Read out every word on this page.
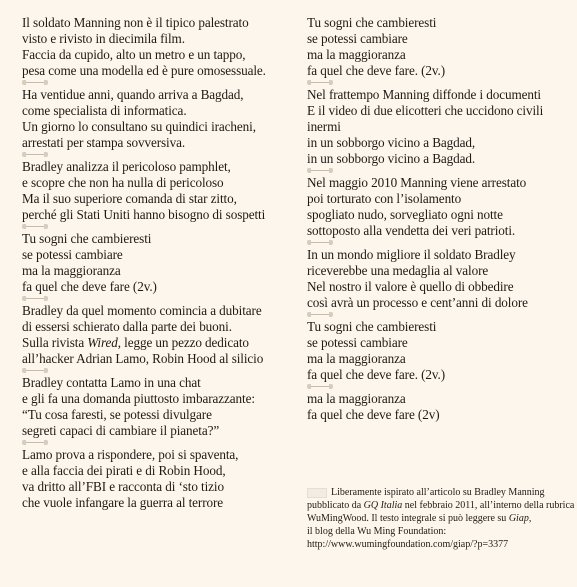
Il soldato Manning non è il tipico palestrato
visto e rivisto in diecimila film.
Faccia da cupido, alto un metro e un tappo,
pesa come una modella ed è pure omosessuale.
Ha ventidue anni, quando arriva a Bagdad,
come specialista di informatica.
Un giorno lo consultano su quindici iracheni,
arrestati per stampa sovversiva.
Bradley analizza il pericoloso pamphlet,
e scopre che non ha nulla di pericoloso
Ma il suo superiore comanda di star zitto,
perché gli Stati Uniti hanno bisogno di sospetti
Tu sogni che cambieresti
se potessi cambiare
ma la maggioranza
fa quel che deve fare (2v.)
Bradley da quel momento comincia a dubitare
di essersi schierato dalla parte dei buoni.
Sulla rivista Wired, legge un pezzo dedicato
all’hacker Adrian Lamo, Robin Hood al silicio
Bradley contatta Lamo in una chat
e gli fa una domanda piuttosto imbarazzante:
“Tu cosa faresti, se potessi divulgare
segreti capaci di cambiare il pianeta?”
Lamo prova a rispondere, poi si spaventa,
e alla faccia dei pirati e di Robin Hood,
va dritto all’FBI e racconta di ‘sto tizio
che vuole infangare la guerra al terrore
Tu sogni che cambieresti
se potessi cambiare
ma la maggioranza
fa quel che deve fare. (2v.)
Nel frattempo Manning diffonde i documenti
E il video di due elicotteri che uccidono civili
inermi
in un sobborgo vicino a Bagdad,
in un sobborgo vicino a Bagdad.
Nel maggio 2010 Manning viene arrestato
poi torturato con l’isolamento
spogliato nudo, sorvegliato ogni notte
sottoposto alla vendetta dei veri patrioti.
In un mondo migliore il soldato Bradley
riceverebbe una medaglia al valore
Nel nostro il valore è quello di obbedire
così avrà un processo e cent’anni di dolore
Tu sogni che cambieresti
se potessi cambiare
ma la maggioranza
fa quel che deve fare. (2v.)
ma la maggioranza
fa quel che deve fare (2v)
Liberamente ispirato all’articolo su Bradley Manning
pubblicato da GQ Italia nel febbraio 2011, all’interno della rubrica
WuMingWood. Il testo integrale si può leggere su Giap,
il blog della Wu Ming Foundation:
http://www.wumingfoundation.com/giap/?p=3377
